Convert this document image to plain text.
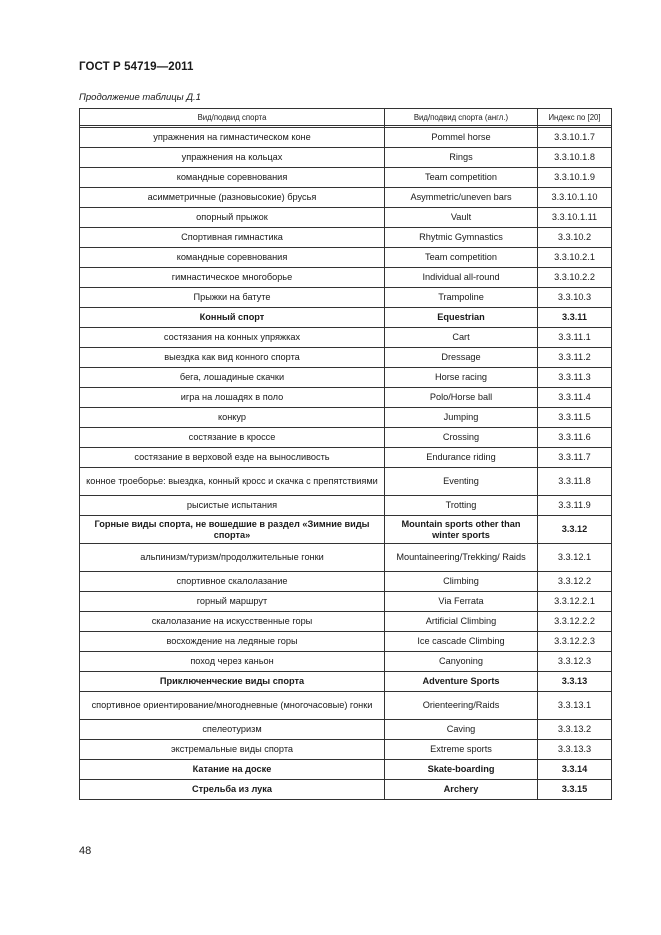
ГОСТ Р 54719—2011
Продолжение таблицы Д.1
Вид/подвид спорта	Вид/подвид спорта (англ.)	Индекс по [20]

упражнения на гимнастическом коне	Pommel horse	3.3.10.1.7
упражнения на кольцах	Rings	3.3.10.1.8
командные соревнования	Team competition	3.3.10.1.9
асимметричные (разновысокие) брусья	Asymmetric/uneven bars	3.3.10.1.10
опорный прыжок	Vault	3.3.10.1.11
Спортивная гимнастика	Rhytmic Gymnastics	3.3.10.2
командные соревнования	Team competition	3.3.10.2.1
гимнастическое многоборье	Individual all-round	3.3.10.2.2
Прыжки на батуте	Trampoline	3.3.10.3
Конный спорт	Equestrian	3.3.11
состязания на конных упряжках	Cart	3.3.11.1
выездка как вид конного спорта	Dressage	3.3.11.2
бега, лошадиные скачки	Horse racing	3.3.11.3
игра на лошадях в поло	Polo/Horse ball	3.3.11.4
конкур	Jumping	3.3.11.5
состязание в кроссе	Crossing	3.3.11.6
состязание в верховой езде на выносливость	Endurance riding	3.3.11.7
конное троеборье: выездка, конный кросс и скачка с препятствиями	Eventing	3.3.11.8
рысистые испытания	Trotting	3.3.11.9
Горные виды спорта, не вошедшие в раздел «Зимние виды спорта»	Mountain sports other than winter sports	3.3.12
альпинизм/туризм/продолжительные гонки	Mountaineering/Trekking/ Raids	3.3.12.1
спортивное скалолазание	Climbing	3.3.12.2
горный маршрут	Via Ferrata	3.3.12.2.1
скалолазание на искусственные горы	Artificial Climbing	3.3.12.2.2
восхождение на ледяные горы	Ice cascade Climbing	3.3.12.2.3
поход через каньон	Canyoning	3.3.12.3
Приключенческие виды спорта	Adventure Sports	3.3.13
спортивное ориентирование/многодневные (многочасовые) гонки	Orienteering/Raids	3.3.13.1
спелеотуризм	Caving	3.3.13.2
экстремальные виды спорта	Extreme sports	3.3.13.3
Катание на доске	Skate-boarding	3.3.14
Стрельба из лука	Archery	3.3.15
48
